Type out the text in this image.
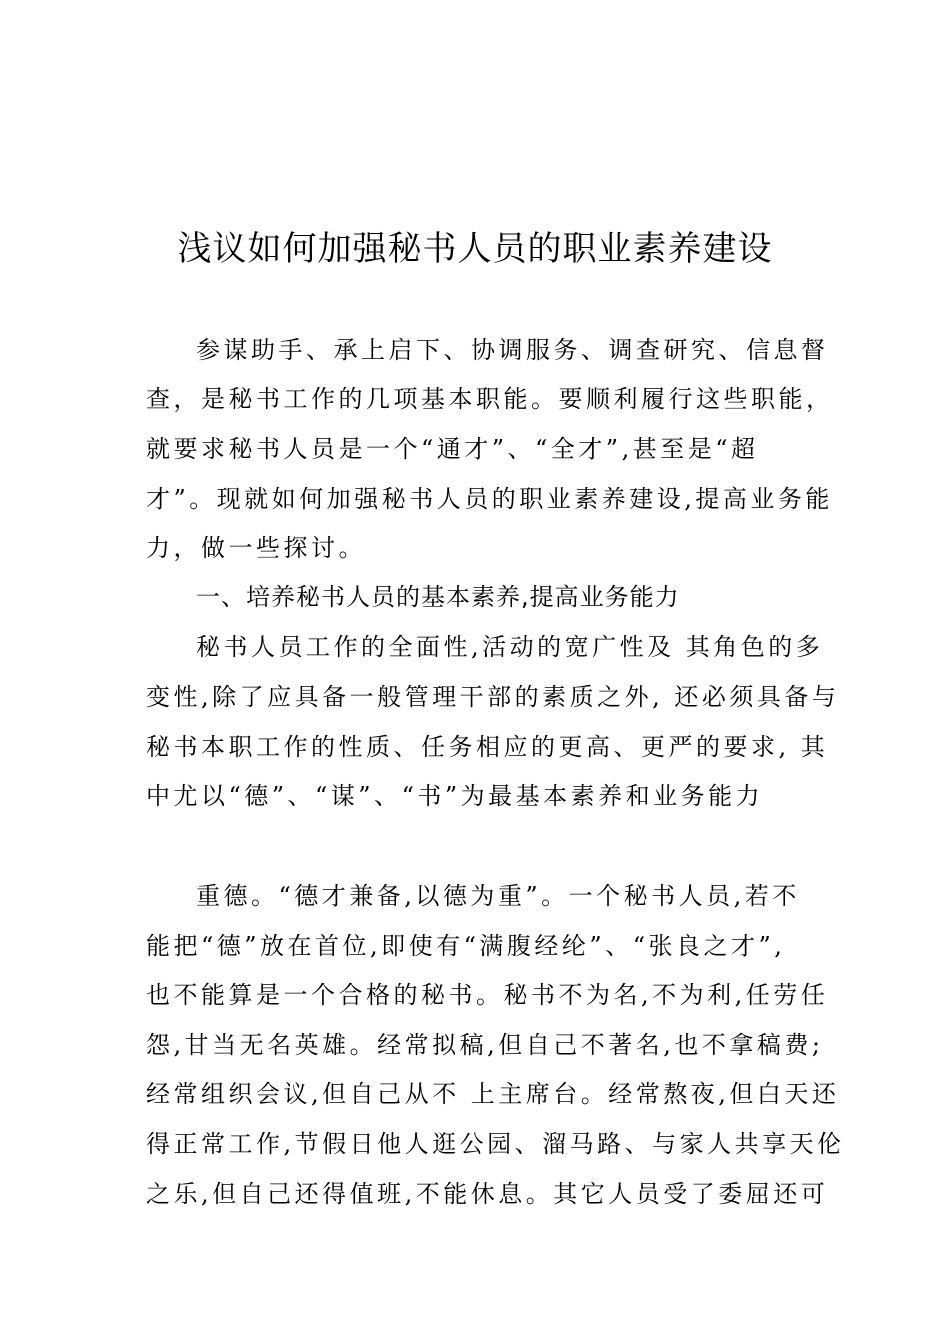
浅议如何加强秘书人员的职业素养建设
参谋助手、承上启下、协调服务、调查研究、信息督
查，是秘书工作的几项基本职能。要顺利履行这些职能，
就要求秘书人员是一个“通才”、“全才”,甚至是“超
才”。现就如何加强秘书人员的职业素养建设,提高业务能
力，做一些探讨。
一、培养秘书人员的基本素养,提高业务能力
秘书人员工作的全面性,活动的宽广性及 其角色的多
变性,除了应具备一般管理干部的素质之外, 还必须具备与
秘书本职工作的性质、任务相应的更高、更严的要求, 其
中尤以“德”、“谋”、“书”为最基本素养和业务能力
重德。“德才兼备,以德为重”。一个秘书人员,若不
能把“德”放在首位,即使有“满腹经纶”、“张良之才”,
也不能算是一个合格的秘书。秘书不为名,不为利,任劳任
怨,甘当无名英雄。经常拟稿,但自己不著名,也不拿稿费;
经常组织会议,但自己从不 上主席台。经常熬夜,但白天还
得正常工作,节假日他人逛公园、溜马路、与家人共享天伦
之乐,但自己还得值班,不能休息。其它人员受了委屈还可
